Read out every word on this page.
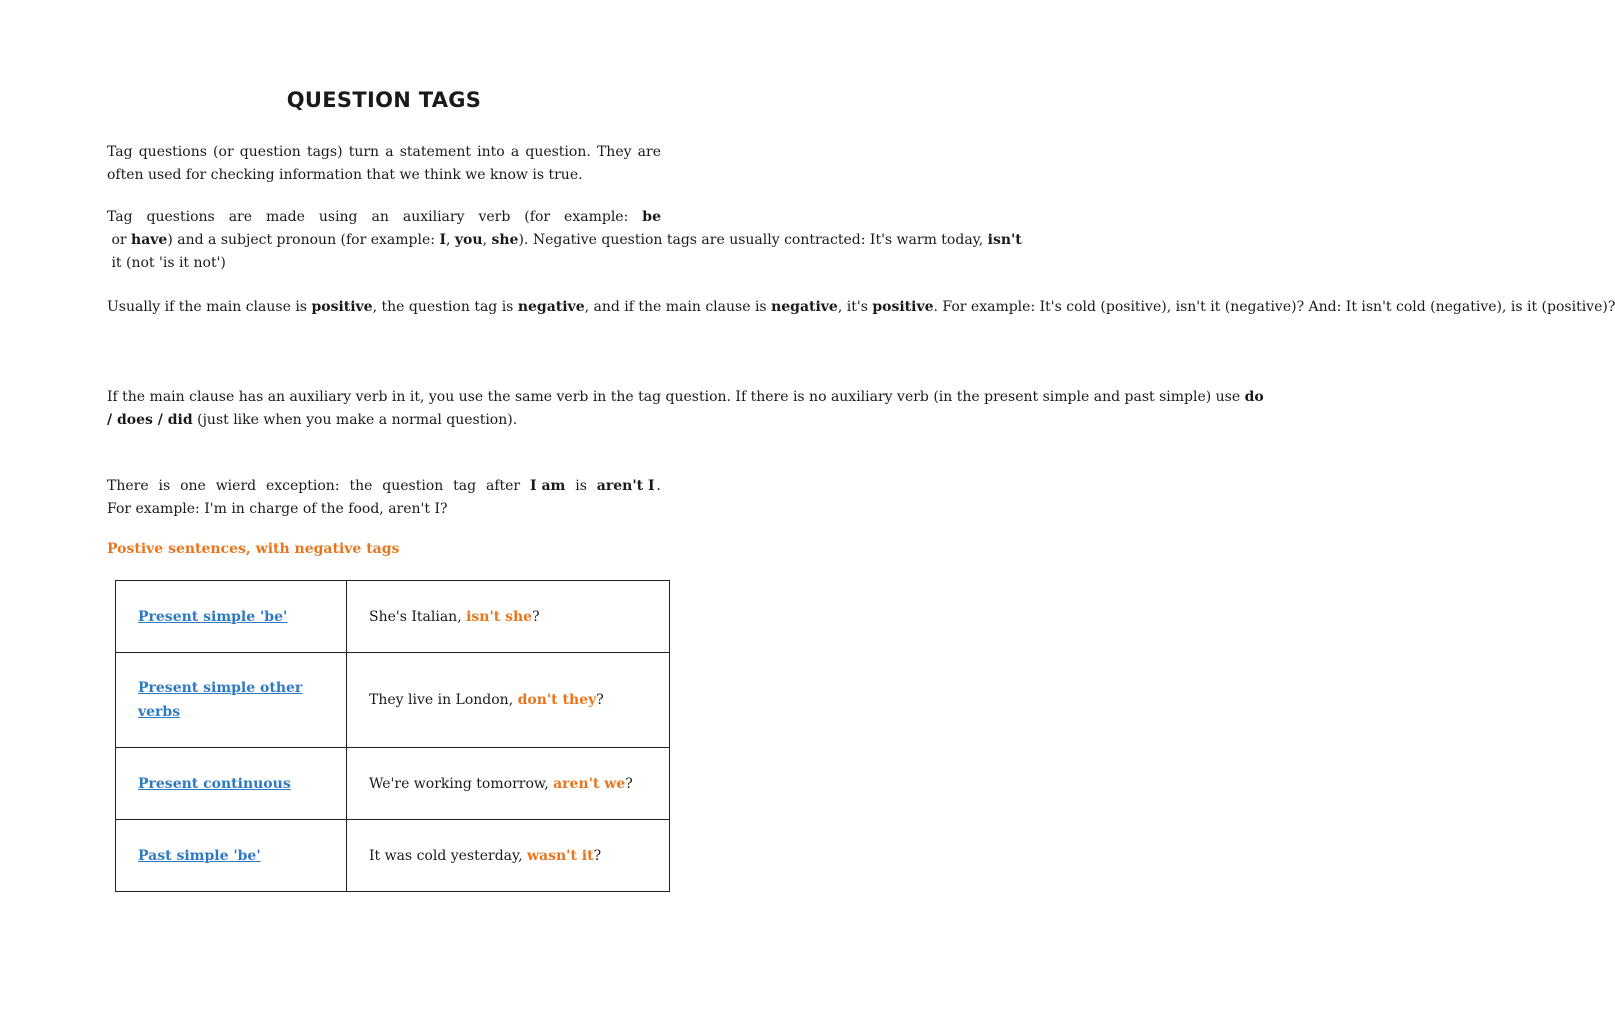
QUESTION TAGS
Tag questions (or question tags) turn a statement into a question. They are often used for checking information that we think we know is true.
Tag questions are made using an auxiliary verb (for example: be or have) and a subject pronoun (for example: I, you, she). Negative question tags are usually contracted: It's warm today, isn't it (not 'is it not')
Usually if the main clause is positive, the question tag is negative, and if the main clause is negative, it's positive. For example: It's cold (positive), isn't it (negative)? And: It isn't cold (negative), is it (positive)?
If the main clause has an auxiliary verb in it, you use the same verb in the tag question. If there is no auxiliary verb (in the present simple and past simple) use do / does / did (just like when you make a normal question).
There is one wierd exception: the question tag after I am is aren't I .
For example: I'm in charge of the food, aren't I?
Postive sentences, with negative tags
Present simple 'be'	She's Italian, isn't she?
Present simple other verbs	They live in London, don't they?
Present continuous	We're working tomorrow, aren't we?
Past simple 'be'	It was cold yesterday, wasn't it?
